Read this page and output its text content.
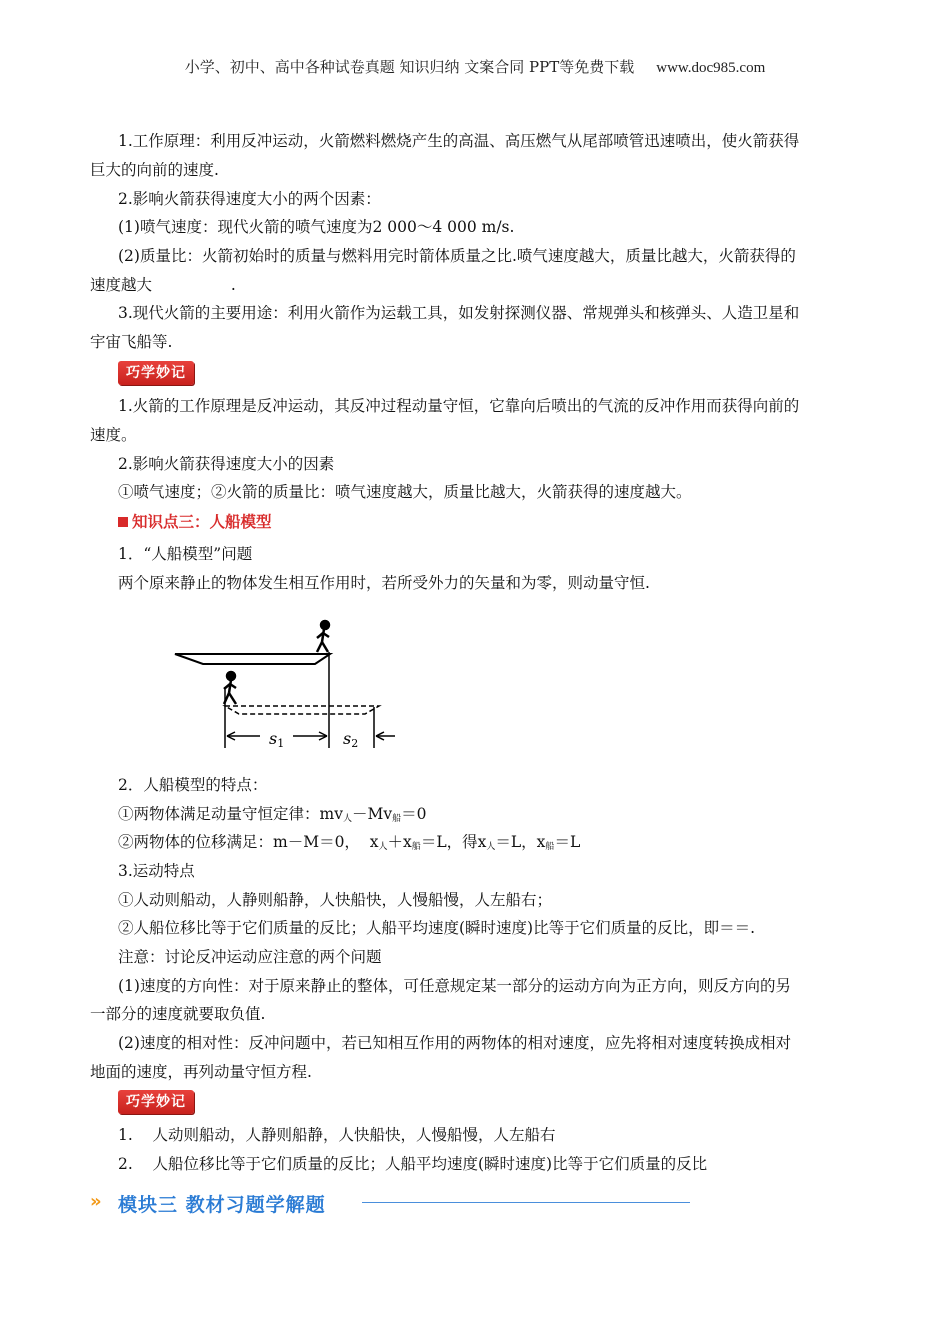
小学、初中、高中各种试卷真题 知识归纳 文案合同 PPT等免费下载 www.doc985.com
1.工作原理：利用反冲运动，火箭燃料燃烧产生的高温、高压燃气从尾部喷管迅速喷出，使火箭获得
巨大的向前的速度.
2.影响火箭获得速度大小的两个因素：
(1)喷气速度：现代火箭的喷气速度为2 000～4 000 m/s.
(2)质量比：火箭初始时的质量与燃料用完时箭体质量之比.喷气速度越大，质量比越大，火箭获得的
速度越大                .
3.现代火箭的主要用途：利用火箭作为运载工具，如发射探测仪器、常规弹头和核弹头、人造卫星和
宇宙飞船等.
巧学妙记
1.火箭的工作原理是反冲运动，其反冲过程动量守恒，它靠向后喷出的气流的反冲作用而获得向前的
速度。
2.影响火箭获得速度大小的因素
①喷气速度；②火箭的质量比：喷气速度越大，质量比越大，火箭获得的速度越大。
知识点三：人船模型
1．“人船模型”问题
两个原来静止的物体发生相互作用时，若所受外力的矢量和为零，则动量守恒.
s1	s2
2．人船模型的特点：
①两物体满足动量守恒定律：$mv_人-Mv_船=0$
②两物体的位移满足：m－M＝0，  $x_人+x_船=L$，得$x_人=L$，$x_船=L$
3.运动特点
①人动则船动，人静则船静，人快船快，人慢船慢，人左船右；
②人船位移比等于它们质量的反比；人船平均速度(瞬时速度)比等于它们质量的反比，即＝＝.
注意：讨论反冲运动应注意的两个问题
(1)速度的方向性：对于原来静止的整体，可任意规定某一部分的运动方向为正方向，则反方向的另
一部分的速度就要取负值.
(2)速度的相对性：反冲问题中，若已知相互作用的两物体的相对速度，应先将相对速度转换成相对
地面的速度，再列动量守恒方程.
巧学妙记
1.    人动则船动，人静则船静，人快船快，人慢船慢，人左船右
2.    人船位移比等于它们质量的反比；人船平均速度(瞬时速度)比等于它们质量的反比
» 模块三 教材习题学解题
